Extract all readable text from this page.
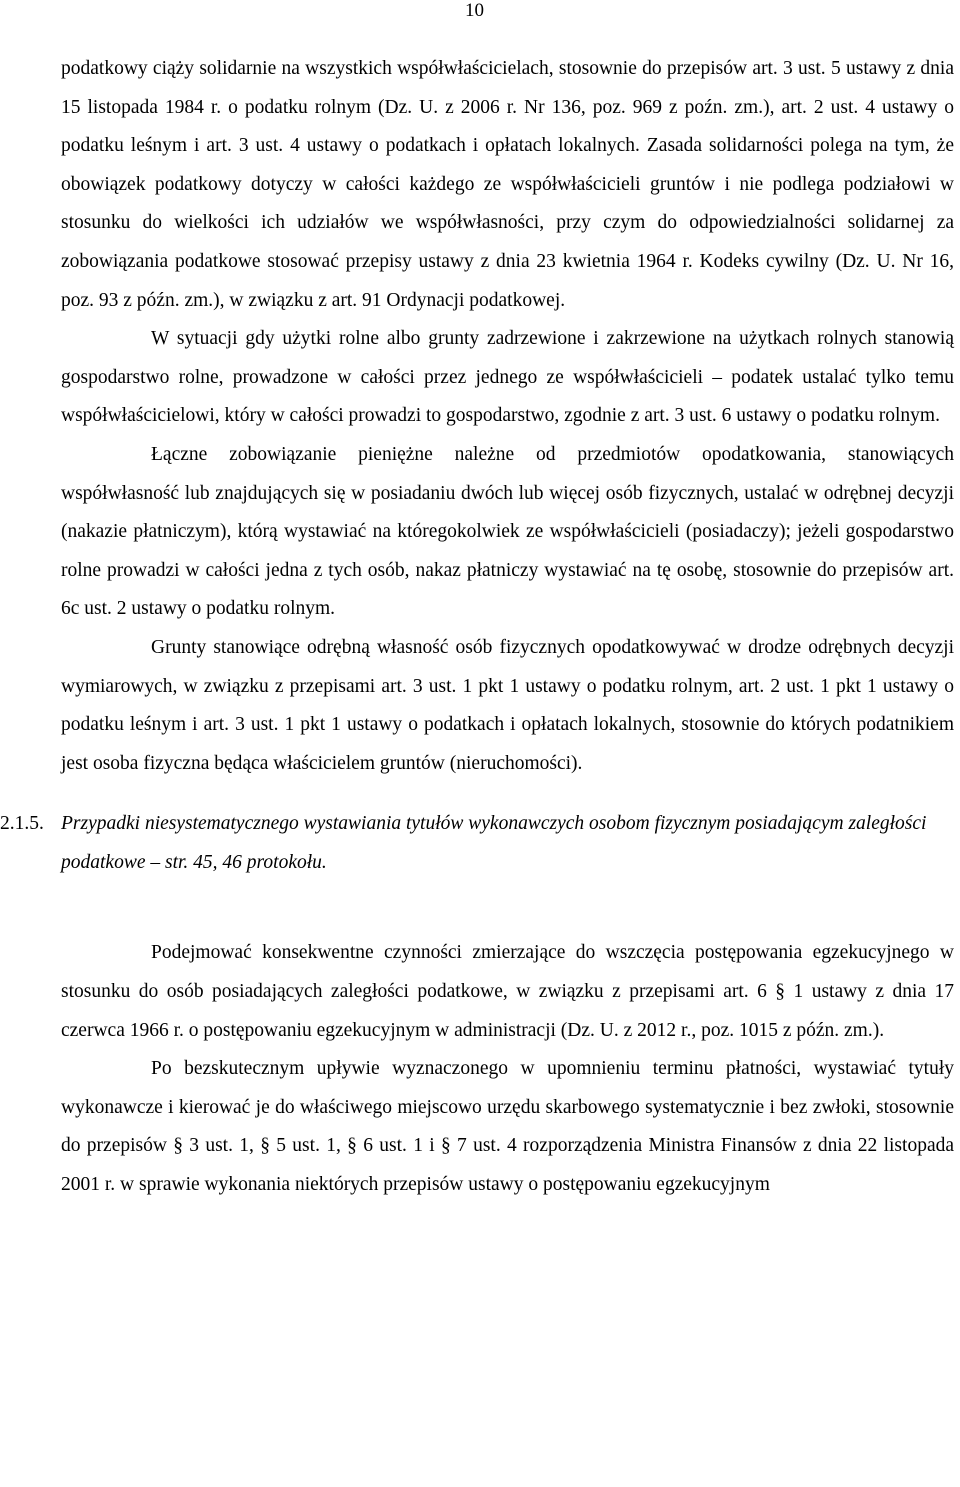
10

podatkowy ciąży solidarnie na wszystkich współwłaścicielach, stosownie do przepisów art. 3 ust. 5 ustawy z dnia 15 listopada 1984 r. o podatku rolnym (Dz. U. z 2006 r. Nr 136, poz. 969 z poźn. zm.), art. 2 ust. 4 ustawy o podatku leśnym i art. 3 ust. 4 ustawy o podatkach i opłatach lokalnych. Zasada solidarności polega na tym, że obowiązek podatkowy dotyczy w całości każdego ze współwłaścicieli gruntów i nie podlega podziałowi w stosunku do wielkości ich udziałów we współwłasności, przy czym do odpowiedzialności solidarnej za zobowiązania podatkowe stosować przepisy ustawy z dnia 23 kwietnia 1964 r. Kodeks cywilny (Dz. U. Nr 16, poz. 93 z późn. zm.), w związku z art. 91 Ordynacji podatkowej.

W sytuacji gdy użytki rolne albo grunty zadrzewione i zakrzewione na użytkach rolnych stanowią gospodarstwo rolne, prowadzone w całości przez jednego ze współwłaścicieli – podatek ustalać tylko temu współwłaścicielowi, który w całości prowadzi to gospodarstwo, zgodnie z art. 3 ust. 6 ustawy o podatku rolnym.

Łączne zobowiązanie pieniężne należne od przedmiotów opodatkowania, stanowiących współwłasność lub znajdujących się w posiadaniu dwóch lub więcej osób fizycznych, ustalać w odrębnej decyzji (nakazie płatniczym), którą wystawiać na któregokolwiek ze współwłaścicieli (posiadaczy); jeżeli gospodarstwo rolne prowadzi w całości jedna z tych osób, nakaz płatniczy wystawiać na tę osobę, stosownie do przepisów art. 6c ust. 2 ustawy o podatku rolnym.

Grunty stanowiące odrębną własność osób fizycznych opodatkowywać w drodze odrębnych decyzji wymiarowych, w związku z przepisami art. 3 ust. 1 pkt 1 ustawy o podatku rolnym, art. 2 ust. 1 pkt 1 ustawy o podatku leśnym i art. 3 ust. 1 pkt 1 ustawy o podatkach i opłatach lokalnych, stosownie do których podatnikiem jest osoba fizyczna będąca właścicielem gruntów (nieruchomości).

2.1.5. Przypadki niesystematycznego wystawiania tytułów wykonawczych osobom fizycznym posiadającym zaległości podatkowe – str. 45, 46 protokołu.

Podejmować konsekwentne czynności zmierzające do wszczęcia postępowania egzekucyjnego w stosunku do osób posiadających zaległości podatkowe, w związku z przepisami art. 6 § 1 ustawy z dnia 17 czerwca 1966 r. o postępowaniu egzekucyjnym w administracji (Dz. U. z 2012 r., poz. 1015 z późn. zm.).

Po bezskutecznym upływie wyznaczonego w upomnieniu terminu płatności, wystawiać tytuły wykonawcze i kierować je do właściwego miejscowo urzędu skarbowego systematycznie i bez zwłoki, stosownie do przepisów § 3 ust. 1, § 5 ust. 1, § 6 ust. 1 i § 7 ust. 4 rozporządzenia Ministra Finansów z dnia 22 listopada 2001 r. w sprawie wykonania niektórych przepisów ustawy o postępowaniu egzekucyjnym
